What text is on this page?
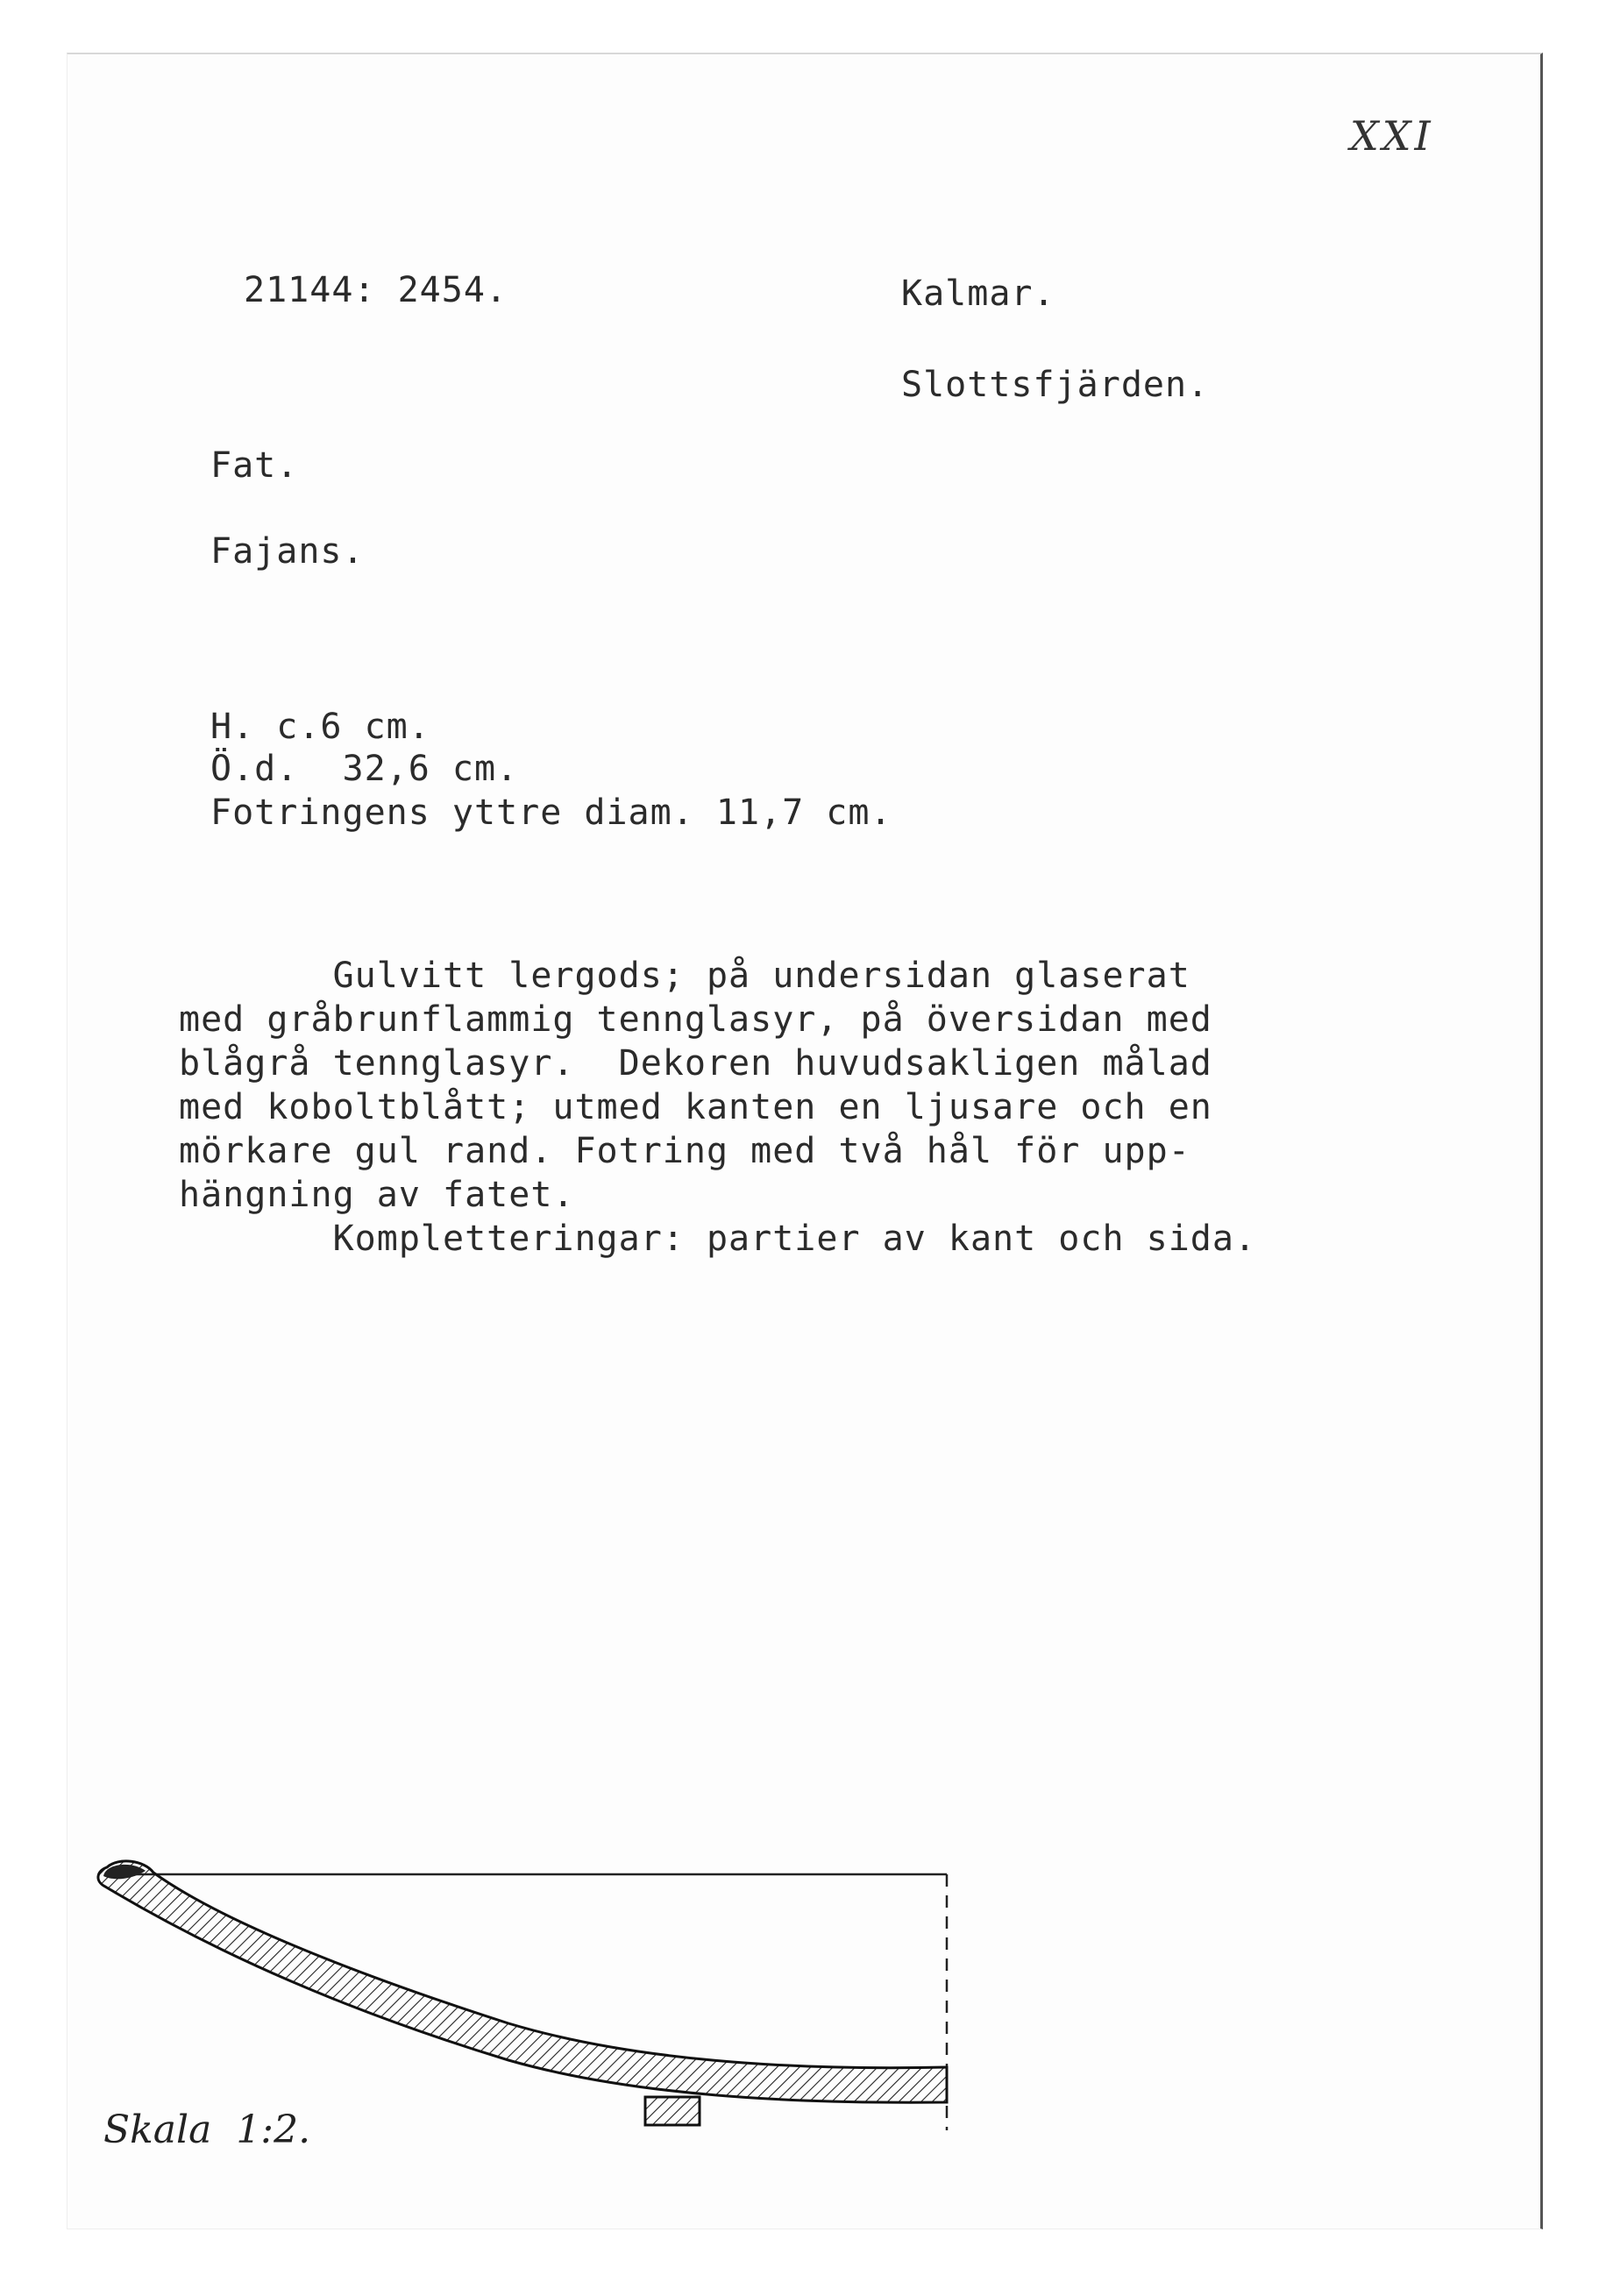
XXI
21144: 2454.	Kalmar.
Slottsfjärden.
Fat.
Fajans.
H. c.6 cm.
Ö.d.  32,6 cm.
Fotringens yttre diam. 11,7 cm.

Gulvitt lergods; på undersidan glaserat

med gråbrunflammig tennglasyr, på översidan med

blågrå tennglasyr.  Dekoren huvudsakligen målad

med koboltblått; utmed kanten en ljusare och en

mörkare gul rand. Fotring med två hål för upp-

hängning av fatet.

Kompletteringar: partier av kant och sida.

Skala  1:2.
